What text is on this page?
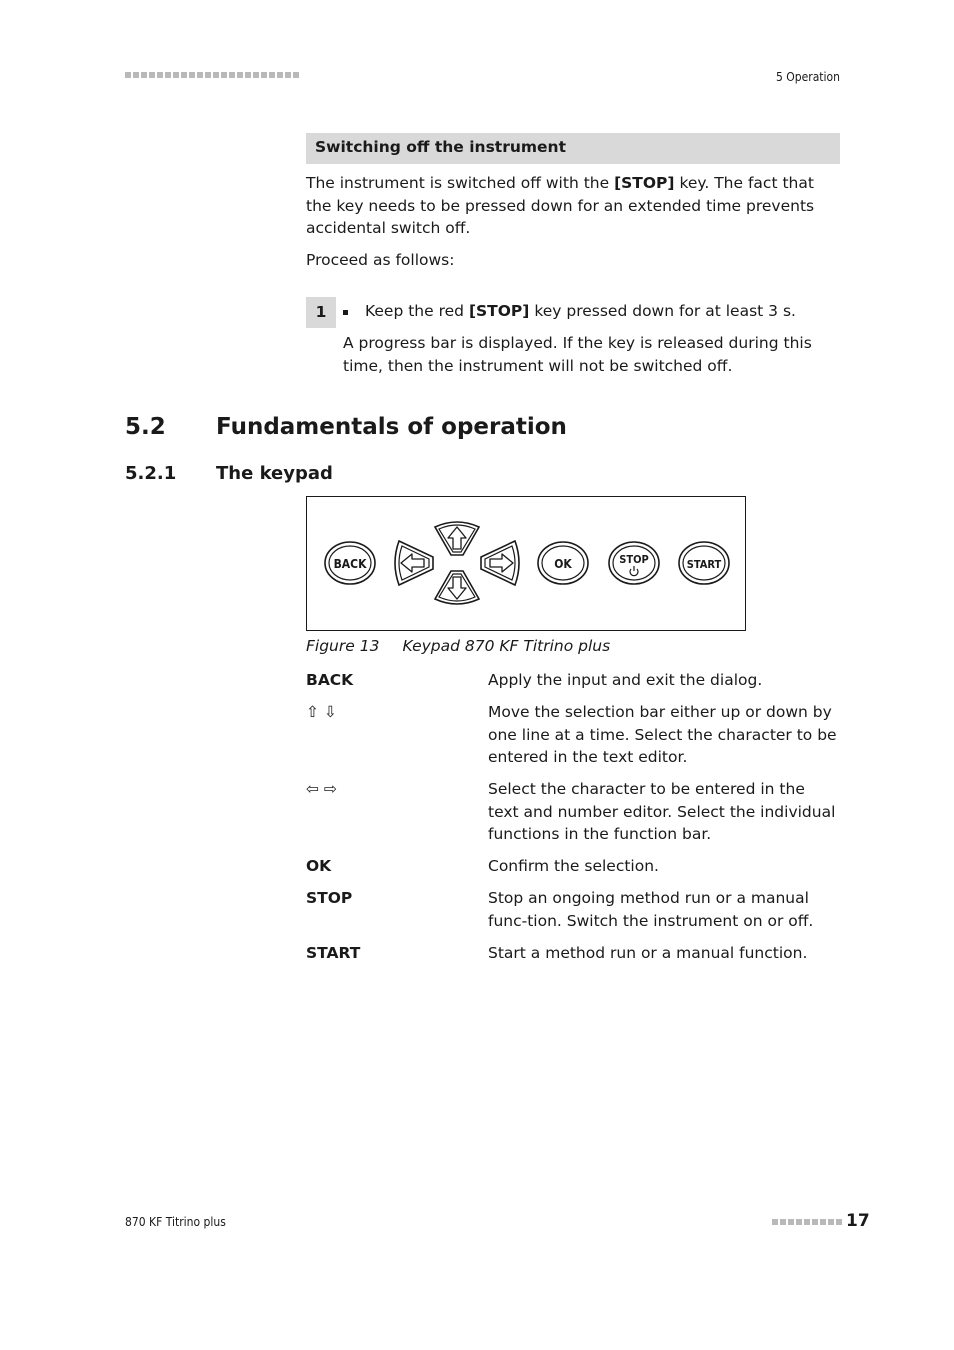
5 Operation
Switching off the instrument
The instrument is switched off with the [STOP] key. The fact that the key needs to be pressed down for an extended time prevents accidental switch off.
Proceed as follows:
1	Keep the red [STOP] key pressed down for at least 3 s.
A progress bar is displayed. If the key is released during this time, then the instrument will not be switched off.
5.2 Fundamentals of operation
5.2.1 The keypad
BACK	OK	STOP	START
Figure 13 Keypad 870 KF Titrino plus
BACK	Apply the input and exit the dialog.
⇧ ⇩	Move the selection bar either up or down by one line at a time. Select the character to be entered in the text editor.
⇦ ⇨	Select the character to be entered in the text and number editor. Select the individual functions in the function bar.
OK	Confirm the selection.
STOP	Stop an ongoing method run or a manual func-tion. Switch the instrument on or off.
START	Start a method run or a manual function.
870 KF Titrino plus	17
